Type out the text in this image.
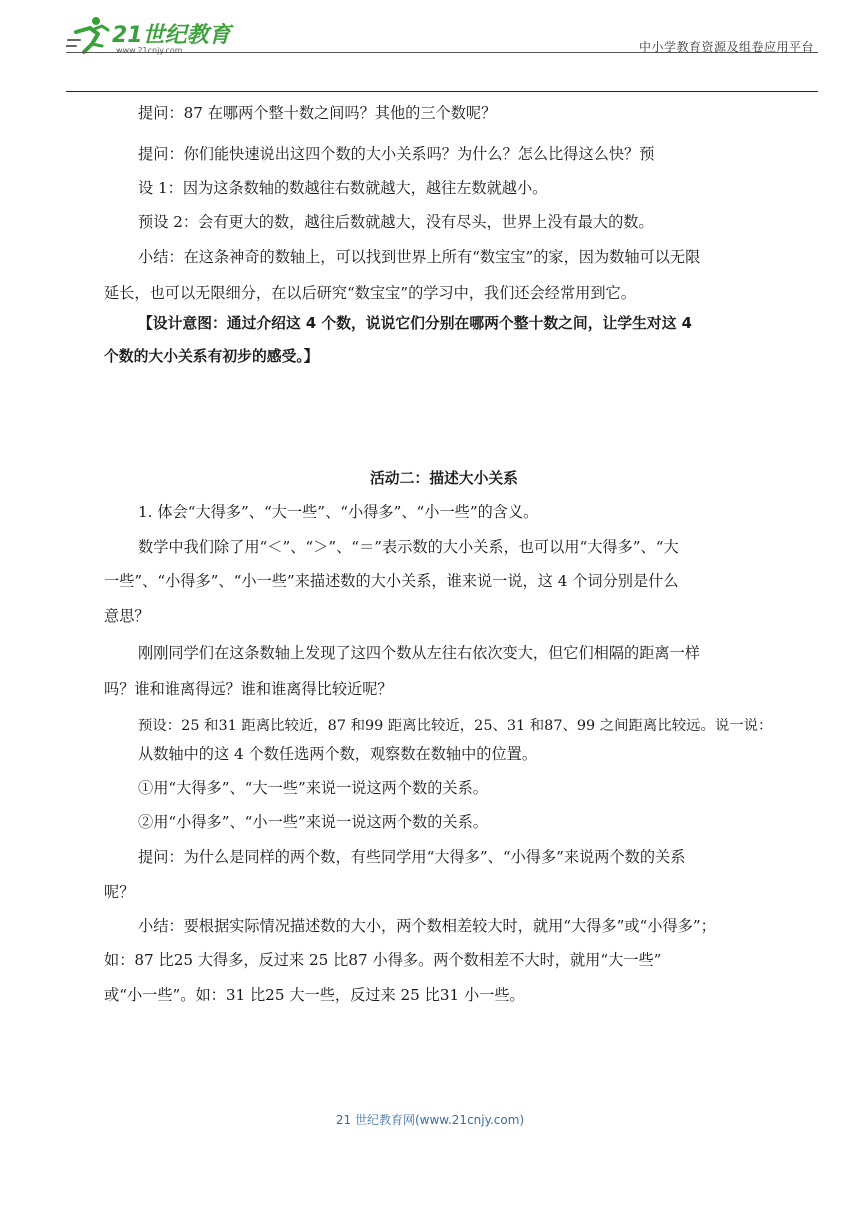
21世纪教育
www.21cnjy.com	中小学教育资源及组卷应用平台
提问：87 在哪两个整十数之间吗？其他的三个数呢？
提问：你们能快速说出这四个数的大小关系吗？为什么？怎么比得这么快？预
设 1：因为这条数轴的数越往右数就越大，越往左数就越小。
预设 2：会有更大的数，越往后数就越大，没有尽头，世界上没有最大的数。
小结：在这条神奇的数轴上，可以找到世界上所有“数宝宝”的家，因为数轴可以无限
延长，也可以无限细分，在以后研究“数宝宝”的学习中，我们还会经常用到它。
【设计意图：通过介绍这 4 个数，说说它们分别在哪两个整十数之间，让学生对这 4
个数的大小关系有初步的感受。】
活动二：描述大小关系
1. 体会“大得多”、“大一些”、“小得多”、“小一些”的含义。
数学中我们除了用“＜”、“＞”、“＝”表示数的大小关系，也可以用“大得多”、“大
一些”、“小得多”、“小一些”来描述数的大小关系，谁来说一说，这 4 个词分别是什么
意思？
刚刚同学们在这条数轴上发现了这四个数从左往右依次变大，但它们相隔的距离一样
吗？谁和谁离得远？谁和谁离得比较近呢？
预设：25 和31 距离比较近，87 和99 距离比较近，25、31 和87、99 之间距离比较远。说一说：
从数轴中的这 4 个数任选两个数，观察数在数轴中的位置。
①用“大得多”、“大一些”来说一说这两个数的关系。
②用“小得多”、“小一些”来说一说这两个数的关系。
提问：为什么是同样的两个数，有些同学用“大得多”、“小得多”来说两个数的关系
呢？
小结：要根据实际情况描述数的大小，两个数相差较大时，就用“大得多”或“小得多”；
如：87 比25 大得多，反过来 25 比87 小得多。两个数相差不大时，就用“大一些”
或“小一些”。如：31 比25 大一些，反过来 25 比31 小一些。
21 世纪教育网(www.21cnjy.com)
